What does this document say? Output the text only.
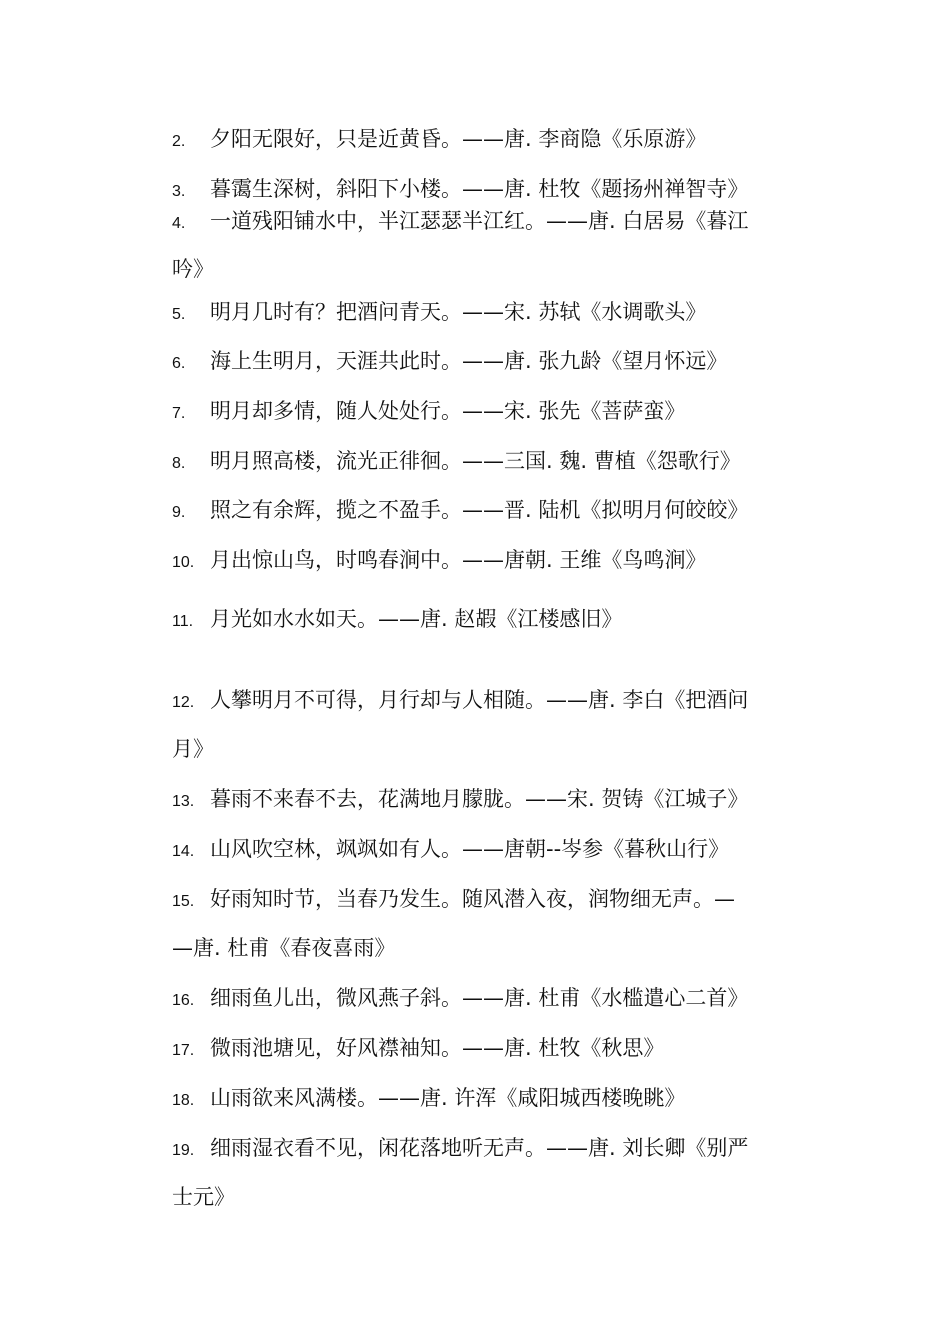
2. 夕阳无限好，只是近黄昏。——唐. 李商隐《乐原游》
3. 暮霭生深树，斜阳下小楼。——唐. 杜牧《题扬州禅智寺》
4. 一道残阳铺水中，半江瑟瑟半江红。——唐. 白居易《暮江
吟》
5. 明月几时有？把酒问青天。——宋. 苏轼《水调歌头》
6. 海上生明月，天涯共此时。——唐. 张九龄《望月怀远》
7. 明月却多情，随人处处行。——宋. 张先《菩萨蛮》
8. 明月照高楼，流光正徘徊。——三国. 魏. 曹植《怨歌行》
9. 照之有余辉，揽之不盈手。——晋. 陆机《拟明月何皎皎》
10. 月出惊山鸟，时鸣春涧中。——唐朝. 王维《鸟鸣涧》
11. 月光如水水如天。——唐. 赵嘏《江楼感旧》
12. 人攀明月不可得，月行却与人相随。——唐. 李白《把酒问
月》
13. 暮雨不来春不去，花满地月朦胧。——宋. 贺铸《江城子》
14. 山风吹空林，飒飒如有人。——唐朝--岑参《暮秋山行》
15. 好雨知时节，当春乃发生。随风潜入夜，润物细无声。—
—唐. 杜甫《春夜喜雨》
16. 细雨鱼儿出，微风燕子斜。——唐. 杜甫《水槛遣心二首》
17. 微雨池塘见，好风襟袖知。——唐. 杜牧《秋思》
18. 山雨欲来风满楼。——唐. 许浑《咸阳城西楼晚眺》
19. 细雨湿衣看不见，闲花落地听无声。——唐. 刘长卿《别严
士元》
